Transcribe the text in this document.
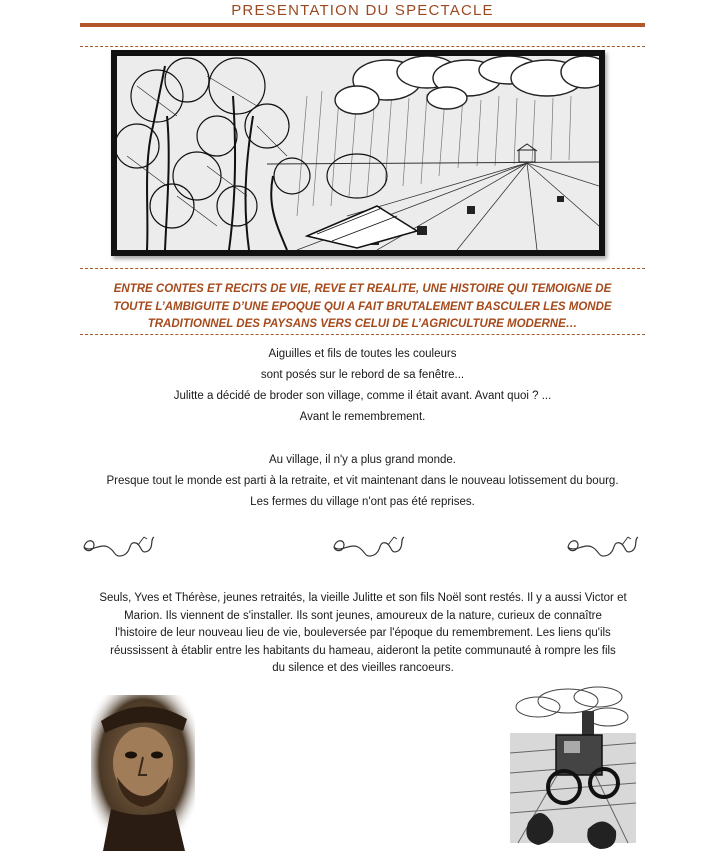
PRESENTATION DU SPECTACLE
ENTRE CONTES ET RECITS DE VIE, REVE ET REALITE, UNE HISTOIRE QUI TEMOIGNE DE
TOUTE L’AMBIGUITE D’UNE EPOQUE QUI A FAIT BRUTALEMENT BASCULER LES MONDE
TRADITIONNEL DES PAYSANS VERS CELUI DE L’AGRICULTURE MODERNE…
Aiguilles et fils de toutes les couleurs
sont posés sur le rebord de sa fenêtre...
Julitte a décidé de broder son village, comme il était avant. Avant quoi ? ...
Avant le remembrement.
Au village, il n'y a plus grand monde.
Presque tout le monde est parti à la retraite, et vit maintenant dans le nouveau lotissement du bourg.
Les fermes du village n'ont pas été reprises.
Seuls, Yves et Thérèse, jeunes retraités, la vieille Julitte et son fils Noël sont restés. Il y a aussi Victor et
Marion. Ils viennent de s'installer. Ils sont jeunes, amoureux de la nature, curieux de connaître
l'histoire de leur nouveau lieu de vie, bouleversée par l'époque du remembrement. Les liens qu'ils
réussissent à établir entre les habitants du hameau, aideront la petite communauté à rompre les fils
du silence et des vieilles rancoeurs.
